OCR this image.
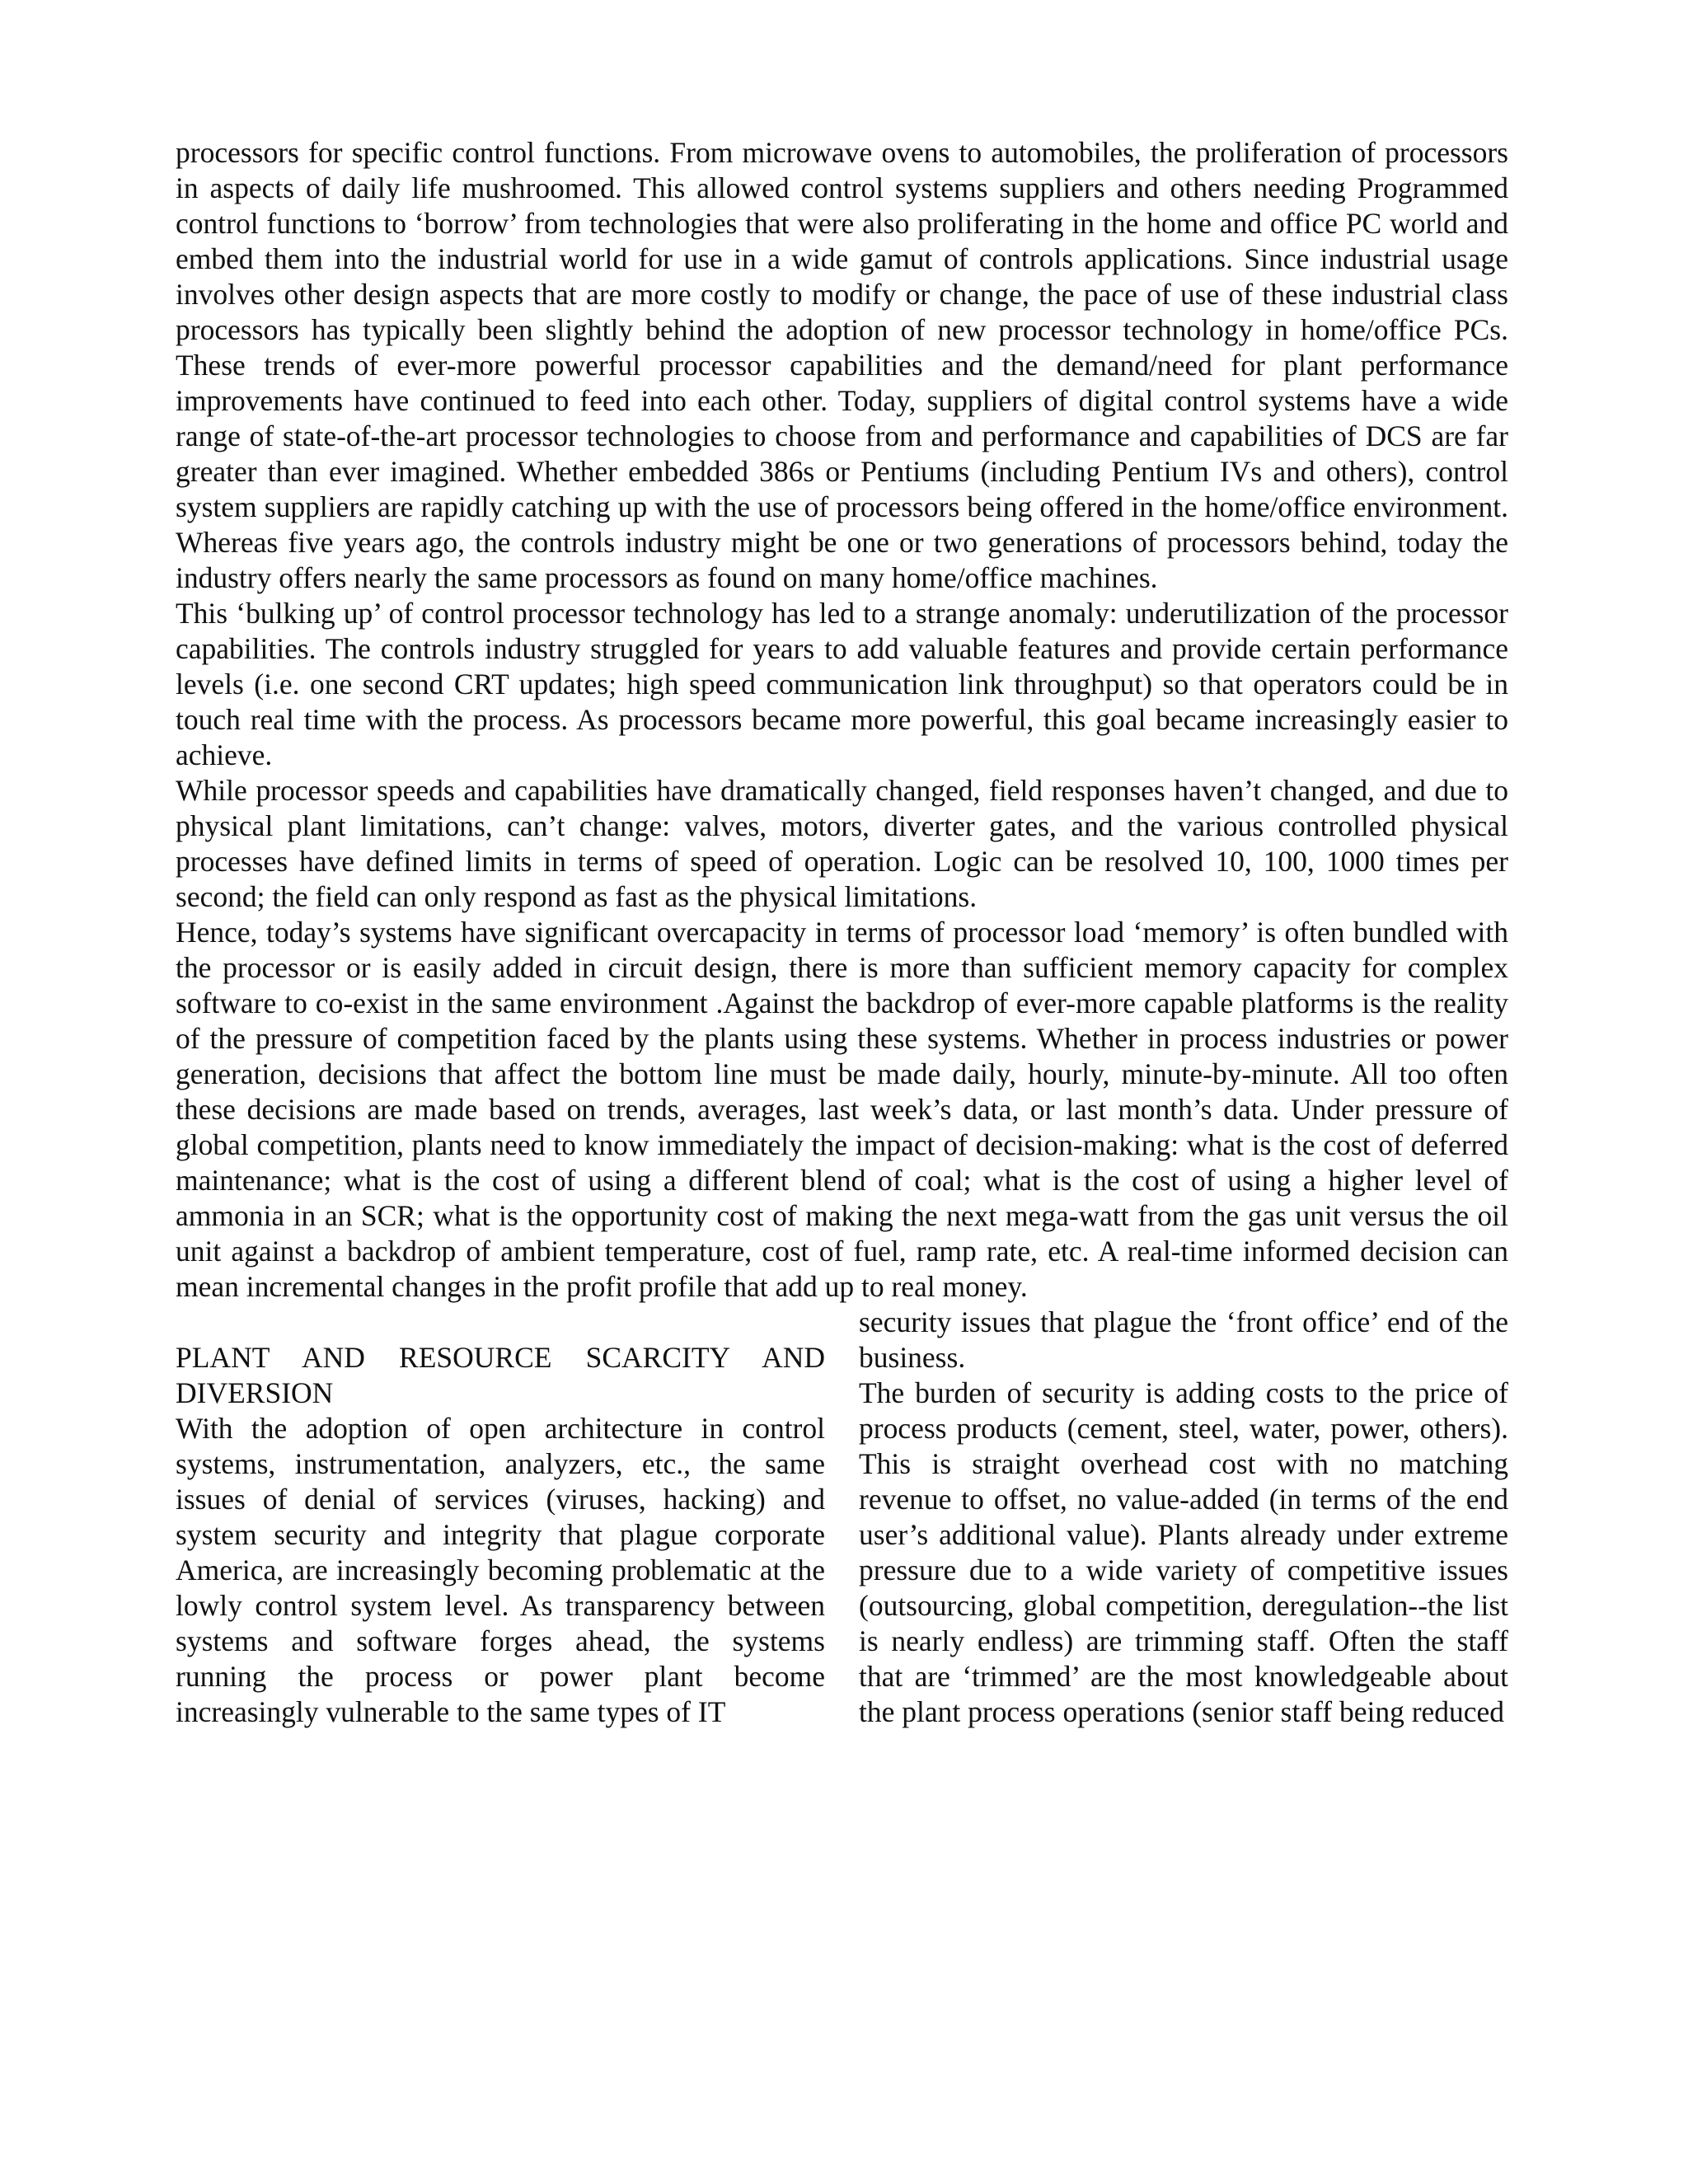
processors for specific control functions. From microwave ovens to automobiles, the proliferation of processors in aspects of daily life mushroomed. This allowed control systems suppliers and others needing Programmed control functions to ‘borrow’ from technologies that were also proliferating in the home and office PC world and embed them into the industrial world for use in a wide gamut of controls applications. Since industrial usage involves other design aspects that are more costly to modify or change, the pace of use of these industrial class processors has typically been slightly behind the adoption of new processor technology in home/office PCs. These trends of ever-more powerful processor capabilities and the demand/need for plant performance improvements have continued to feed into each other. Today, suppliers of digital control systems have a wide range of state-of-the-art processor technologies to choose from and performance and capabilities of DCS are far greater than ever imagined. Whether embedded 386s or Pentiums (including Pentium IVs and others), control system suppliers are rapidly catching up with the use of processors being offered in the home/office environment. Whereas five years ago, the controls industry might be one or two generations of processors behind, today the industry offers nearly the same processors as found on many home/office machines.

This ‘bulking up’ of control processor technology has led to a strange anomaly: underutilization of the processor capabilities. The controls industry struggled for years to add valuable features and provide certain performance levels (i.e. one second CRT updates; high speed communication link throughput) so that operators could be in touch real time with the process. As processors became more powerful, this goal became increasingly easier to achieve.

While processor speeds and capabilities have dramatically changed, field responses haven’t changed, and due to physical plant limitations, can’t change: valves, motors, diverter gates, and the various controlled physical processes have defined limits in terms of speed of operation. Logic can be resolved 10, 100, 1000 times per second; the field can only respond as fast as the physical limitations.

Hence, today’s systems have significant overcapacity in terms of processor load ‘memory’ is often bundled with the processor or is easily added in circuit design, there is more than sufficient memory capacity for complex software to co-exist in the same environment .Against the backdrop of ever-more capable platforms is the reality of the pressure of competition faced by the plants using these systems. Whether in process industries or power generation, decisions that affect the bottom line must be made daily, hourly, minute-by-minute. All too often these decisions are made based on trends, averages, last week’s data, or last month’s data. Under pressure of global competition, plants need to know immediately the impact of decision-making: what is the cost of deferred maintenance; what is the cost of using a different blend of coal; what is the cost of using a higher level of ammonia in an SCR; what is the opportunity cost of making the next mega-watt from the gas unit versus the oil unit against a backdrop of ambient temperature, cost of fuel, ramp rate, etc. A real-time informed decision can mean incremental changes in the profit profile that add up to real money.

PLANT AND RESOURCE SCARCITY AND DIVERSION

With the adoption of open architecture in control systems, instrumentation, analyzers, etc., the same issues of denial of services (viruses, hacking) and system security and integrity that plague corporate America, are increasingly becoming problematic at the lowly control system level. As transparency between systems and software forges ahead, the systems running the process or power plant become increasingly vulnerable to the same types of IT

security issues that plague the ‘front office’ end of the business.

The burden of security is adding costs to the price of process products (cement, steel, water, power, others). This is straight overhead cost with no matching revenue to offset, no value-added (in terms of the end user’s additional value). Plants already under extreme pressure due to a wide variety of competitive issues (outsourcing, global competition, deregulation--the list is nearly endless) are trimming staff. Often the staff that are ‘trimmed’ are the most knowledgeable about the plant process operations (senior staff being reduced
